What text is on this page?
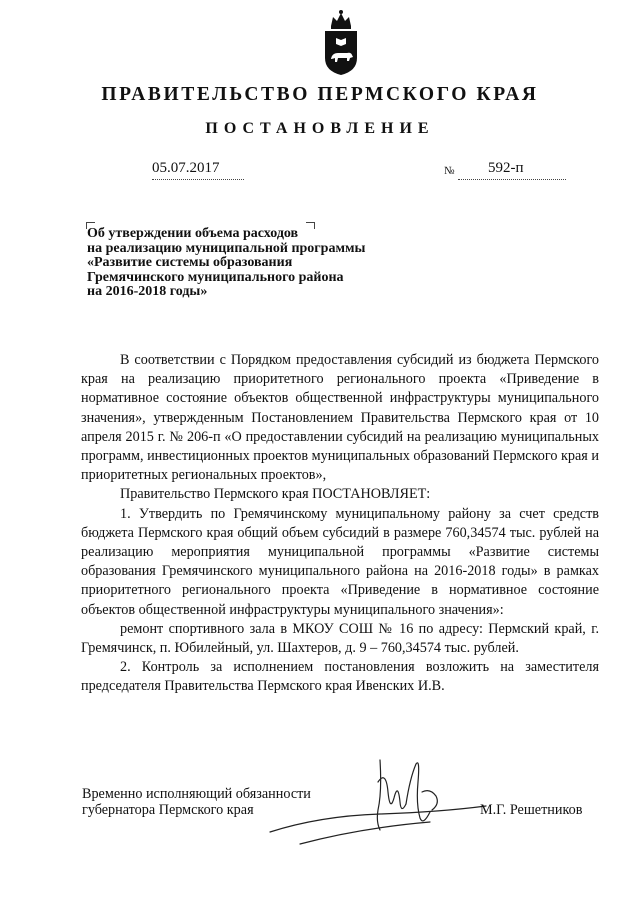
ПРАВИТЕЛЬСТВО ПЕРМСКОГО КРАЯ
ПОСТАНОВЛЕНИЕ
05.07.2017	№	592-п
Об утверждении объема расходов
на реализацию муниципальной программы
«Развитие системы образования
Гремячинского муниципального района
на 2016-2018 годы»

В соответствии с Порядком предоставления субсидий из бюджета Пермского края на реализацию приоритетного регионального проекта «Приведение в нормативное состояние объектов общественной инфраструктуры муниципального значения», утвержденным Постановлением Правительства Пермского края от 10 апреля 2015 г. № 206-п «О предоставлении субсидий на реализацию муниципальных программ, инвестиционных проектов муниципальных образований Пермского края и приоритетных региональных проектов»,

Правительство Пермского края ПОСТАНОВЛЯЕТ:

1. Утвердить по Гремячинскому муниципальному району за счет средств бюджета Пермского края общий объем субсидий в размере 760,34574 тыс. рублей на реализацию мероприятия муниципальной программы «Развитие системы образования Гремячинского муниципального района на 2016-2018 годы» в рамках приоритетного регионального проекта «Приведение в нормативное состояние объектов общественной инфраструктуры муниципального значения»:

ремонт спортивного зала в МКОУ СОШ № 16 по адресу: Пермский край, г. Гремячинск, п. Юбилейный, ул. Шахтеров, д. 9 – 760,34574 тыс. рублей.

2. Контроль за исполнением постановления возложить на заместителя председателя Правительства Пермского края Ивенских И.В.

Временно исполняющий обязанности
губернатора Пермского края	М.Г. Решетников
